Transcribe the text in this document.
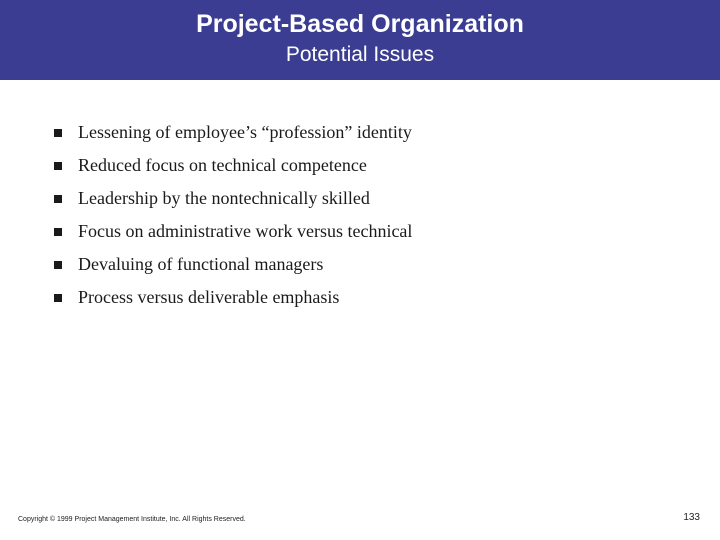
Project-Based Organization
Potential Issues
Lessening of employee’s “profession” identity
Reduced focus on technical competence
Leadership by the nontechnically skilled
Focus on administrative work versus technical
Devaluing of functional managers
Process versus deliverable emphasis
Copyright © 1999 Project Management Institute, Inc. All Rights Reserved.	133
